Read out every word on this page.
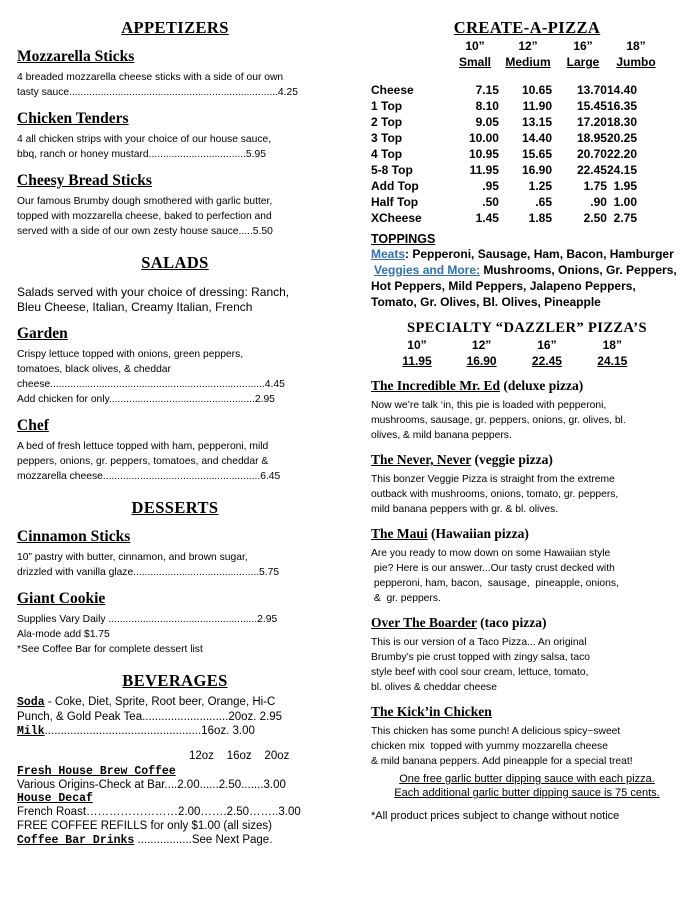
APPETIZERS
Mozzarella Sticks
4 breaded mozzarella cheese sticks with a side of our own
tasty sauce.........................................................................4.25
Chicken Tenders
4 all chicken strips with your choice of our house sauce,
bbq, ranch or honey mustard..................................5.95
Cheesy Bread Sticks
Our famous Brumby dough smothered with garlic butter,
topped with mozzarella cheese, baked to perfection and
served with a side of our own zesty house sauce.....5.50
SALADS
Salads served with your choice of dressing: Ranch,
Bleu Cheese, Italian, Creamy Italian, French
Garden
Crispy lettuce topped with onions, green peppers,
tomatoes, black olives, & cheddar
cheese...........................................................................4.45
Add chicken for only...................................................2.95
Chef
A bed of fresh lettuce topped with ham, pepperoni, mild
peppers, onions, gr. peppers, tomatoes, and cheddar &
mozzarella cheese.......................................................6.45
DESSERTS
Cinnamon Sticks
10” pastry with butter, cinnamon, and brown sugar,
drizzled with vanilla glaze............................................5.75
Giant Cookie
Supplies Vary Daily ....................................................2.95
Ala-mode add $1.75
*See Coffee Bar for complete dessert list
BEVERAGES
Soda - Coke, Diet, Sprite, Root beer, Orange, Hi-C
Punch, & Gold Peak Tea...........................20oz. 2.95
Milk.................................................16oz. 3.00
12oz    16oz    20oz
Fresh House Brew Coffee
Various Origins-Check at Bar....2.00......2.50.......3.00
House Decaf
French Roast……………………2.00…….2.50……..3.00
FREE COFFEE REFILLS for only $1.00 (all sizes)
Coffee Bar Drinks .................See Next Page.
CREATE-A-PIZZA
	10”	12”	16”	18”
	Small	Medium	Large	Jumbo
Cheese	7.15	10.65	13.70	14.40
1 Top	8.10	11.90	15.45	16.35
2 Top	9.05	13.15	17.20	18.30
3 Top	10.00	14.40	18.95	20.25
4 Top	10.95	15.65	20.70	22.20
5-8 Top	11.95	16.90	22.45	24.15
Add Top	.95	1.25	1.75	1.95
Half Top	.50	.65	.90	1.00
XCheese	1.45	1.85	2.50	2.75
TOPPINGS
Meats: Pepperoni, Sausage, Ham, Bacon, Hamburger
Veggies and More: Mushrooms, Onions, Gr. Peppers, Hot Peppers, Mild Peppers, Jalapeno Peppers, Tomato, Gr. Olives, Bl. Olives, Pineapple
SPECIALTY “DAZZLER” PIZZA’S
10”	12”	16”	18”
11.95	16.90	22.45	24.15
The Incredible Mr. Ed (deluxe pizza)
Now we’re talk ‘in, this pie is loaded with pepperoni,
mushrooms, sausage, gr. peppers, onions, gr. olives, bl.
olives, & mild banana peppers.
The Never, Never (veggie pizza)
This bonzer Veggie Pizza is straight from the extreme
outback with mushrooms, onions, tomato, gr. peppers,
mild banana peppers with gr. & bl. olives.
The Maui (Hawaiian pizza)
Are you ready to mow down on some Hawaiian style
pie? Here is our answer...Our tasty crust decked with
pepperoni, ham, bacon,  sausage,  pineapple, onions,
&  gr. peppers.
Over The Boarder (taco pizza)
This is our version of a Taco Pizza... An original
Brumby’s pie crust topped with zingy salsa, taco
style beef with cool sour cream, lettuce, tomato,
bl. olives & cheddar cheese
The Kick’in Chicken
This chicken has some punch! A delicious spicy~sweet
chicken mix  topped with yummy mozzarella cheese
& mild banana peppers. Add pineapple for a special treat!
One free garlic butter dipping sauce with each pizza.
Each additional garlic butter dipping sauce is 75 cents.
*All product prices subject to change without notice
